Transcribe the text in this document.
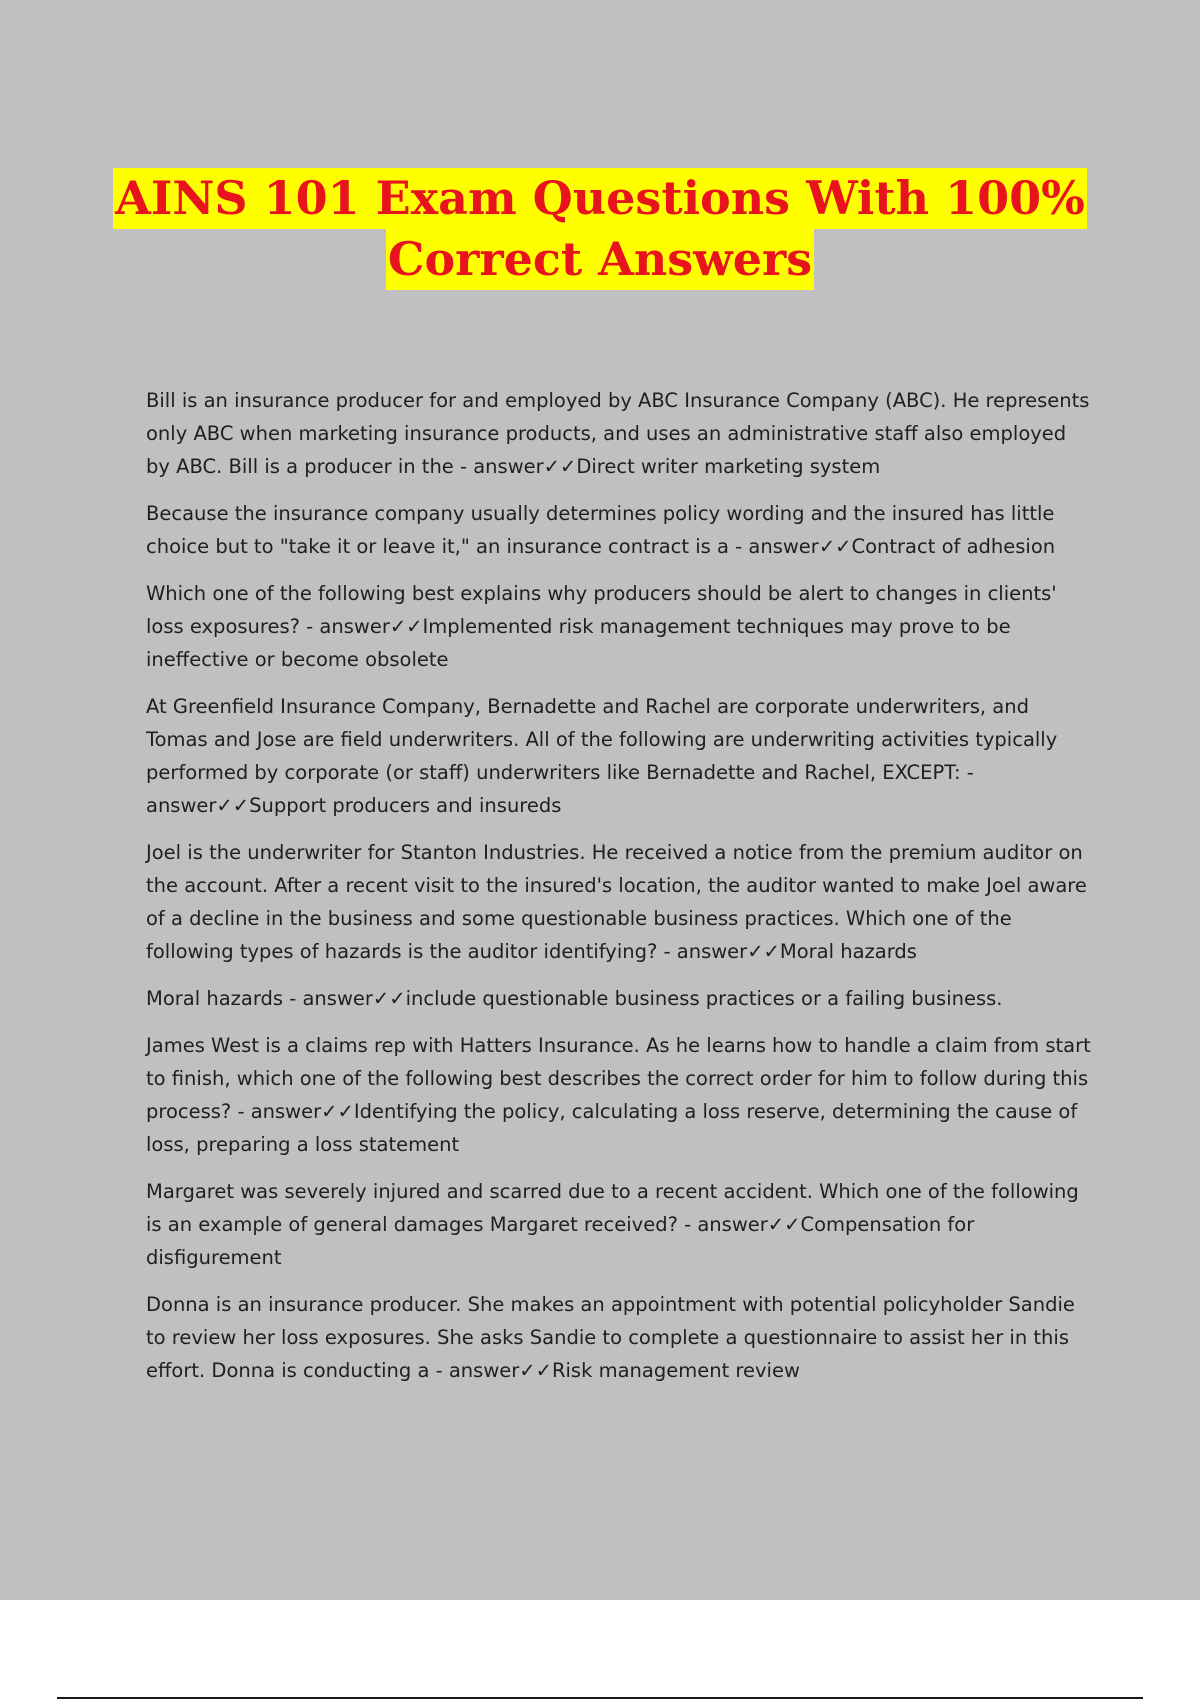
AINS 101 Exam Questions With 100%
Correct Answers

Bill is an insurance producer for and employed by ABC Insurance Company (ABC). He represents only ABC when marketing insurance products, and uses an administrative staff also employed by ABC. Bill is a producer in the - answer✓✓Direct writer marketing system

Because the insurance company usually determines policy wording and the insured has little choice but to "take it or leave it," an insurance contract is a - answer✓✓Contract of adhesion

Which one of the following best explains why producers should be alert to changes in clients' loss exposures? - answer✓✓Implemented risk management techniques may prove to be ineffective or become obsolete

At Greenfield Insurance Company, Bernadette and Rachel are corporate underwriters, and Tomas and Jose are field underwriters. All of the following are underwriting activities typically performed by corporate (or staff) underwriters like Bernadette and Rachel, EXCEPT: - answer✓✓Support producers and insureds

Joel is the underwriter for Stanton Industries. He received a notice from the premium auditor on the account. After a recent visit to the insured's location, the auditor wanted to make Joel aware of a decline in the business and some questionable business practices. Which one of the following types of hazards is the auditor identifying? - answer✓✓Moral hazards

Moral hazards - answer✓✓include questionable business practices or a failing business.

James West is a claims rep with Hatters Insurance. As he learns how to handle a claim from start to finish, which one of the following best describes the correct order for him to follow during this process? - answer✓✓Identifying the policy, calculating a loss reserve, determining the cause of loss, preparing a loss statement

Margaret was severely injured and scarred due to a recent accident. Which one of the following is an example of general damages Margaret received? - answer✓✓Compensation for disfigurement

Donna is an insurance producer. She makes an appointment with potential policyholder Sandie to review her loss exposures. She asks Sandie to complete a questionnaire to assist her in this effort. Donna is conducting a - answer✓✓Risk management review
